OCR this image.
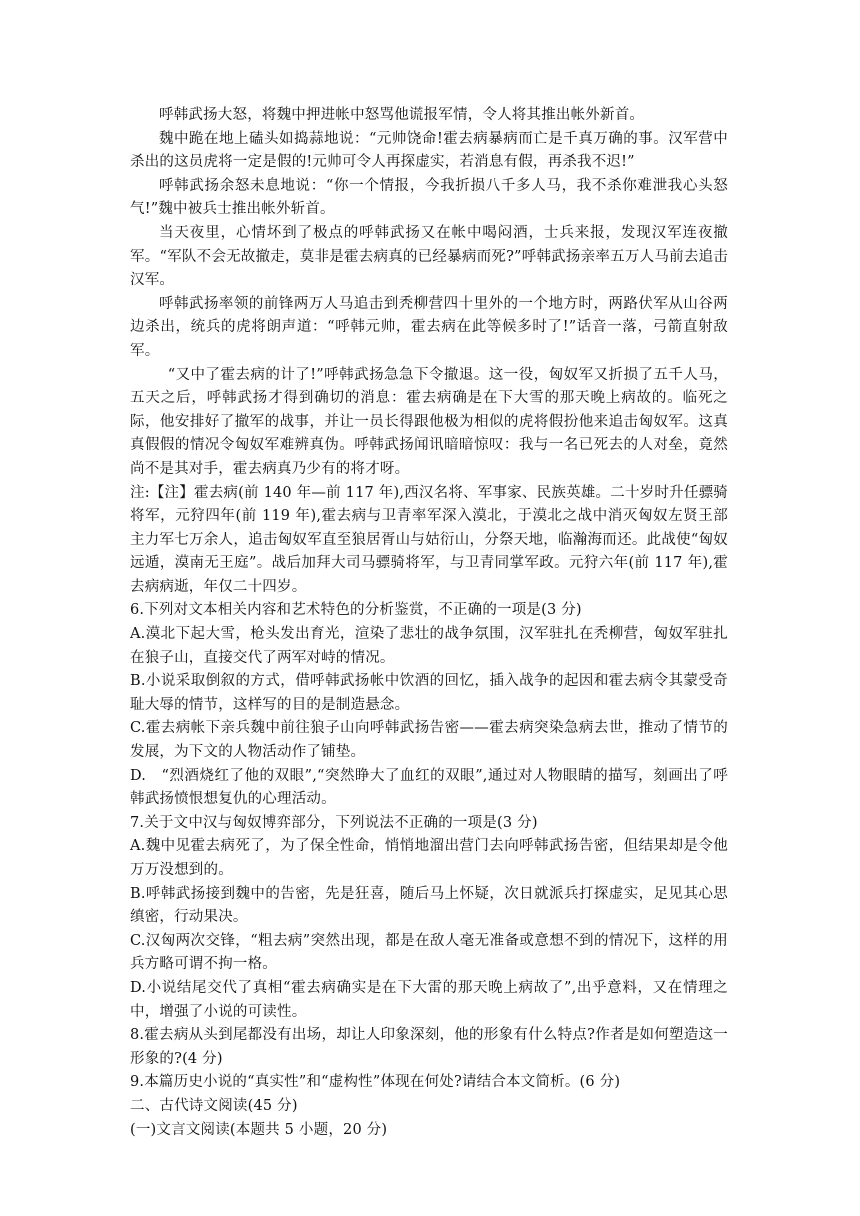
呼韩武扬大怒，将魏中押进帐中怒骂他谎报军情，令人将其推出帐外新首。

魏中跪在地上磕头如捣蒜地说：“元帅饶命!霍去病暴病而亡是千真万确的事。汉军营中杀出的这员虎将一定是假的!元帅可令人再探虚实，若消息有假，再杀我不迟!”

呼韩武扬余怒未息地说：“你一个情报，今我折损八千多人马，我不杀你难泄我心头怒气!”魏中被兵士推出帐外斩首。

当天夜里，心情坏到了极点的呼韩武扬又在帐中喝闷酒，士兵来报，发现汉军连夜撤军。“军队不会无故撤走，莫非是霍去病真的已经暴病而死?”呼韩武扬亲率五万人马前去追击汉军。

呼韩武扬率领的前锋两万人马追击到秃柳营四十里外的一个地方时，两路伏军从山谷两边杀出，统兵的虎将朗声道：“呼韩元帅，霍去病在此等候多时了!”话音一落，弓箭直射敌军。

“又中了霍去病的计了!”呼韩武扬急急下令撤退。这一役，匈奴军又折损了五千人马，五天之后，呼韩武扬才得到确切的消息：霍去病确是在下大雪的那天晚上病故的。临死之际，他安排好了撤军的战事，并让一员长得跟他极为相似的虎将假扮他来追击匈奴军。这真真假假的情况令匈奴军难辨真伪。呼韩武扬闻讯暗暗惊叹：我与一名已死去的人对垒，竟然尚不是其对手，霍去病真乃少有的将才呀。

注:【注】霍去病(前 140 年—前 117 年),西汉名将、军事家、民族英雄。二十岁时升任骠骑将军，元狩四年(前 119 年),霍去病与卫青率军深入漠北，于漠北之战中消灭匈奴左贤王部主力军七万余人，追击匈奴军直至狼居胥山与姑衍山，分祭天地，临瀚海而还。此战使“匈奴远遁，漠南无王庭”。战后加拜大司马骠骑将军，与卫青同掌军政。元狩六年(前 117 年),霍去病病逝，年仅二十四岁。

6.下列对文本相关内容和艺术特色的分析鉴赏，不正确的一项是(3 分)

A.漠北下起大雪，枪头发出育光，渲染了悲壮的战争氛围，汉军驻扎在秃柳营，匈奴军驻扎在狼子山，直接交代了两军对峙的情况。

B.小说采取倒叙的方式，借呼韩武扬帐中饮酒的回忆，插入战争的起因和霍去病令其蒙受奇耻大辱的情节，这样写的目的是制造悬念。

C.霍去病帐下亲兵魏中前往狼子山向呼韩武扬告密——霍去病突染急病去世，推动了情节的发展，为下文的人物活动作了铺垫。

D.　“烈酒烧红了他的双眼”,“突然睁大了血红的双眼”,通过对人物眼睛的描写，刻画出了呼韩武扬愤恨想复仇的心理活动。

7.关于文中汉与匈奴博弈部分，下列说法不正确的一项是(3 分)

A.魏中见霍去病死了，为了保全性命，悄悄地溜出营门去向呼韩武扬告密，但结果却是令他万万没想到的。

B.呼韩武扬接到魏中的告密，先是狂喜，随后马上怀疑，次日就派兵打探虚实，足见其心思缜密，行动果决。

C.汉匈两次交锋，“粗去病”突然出现，都是在敌人毫无准备或意想不到的情况下，这样的用兵方略可谓不拘一格。

D.小说结尾交代了真相“霍去病确实是在下大雷的那天晚上病故了”,出乎意料，又在情理之中，增强了小说的可读性。

8.霍去病从头到尾都没有出场，却让人印象深刻，他的形象有什么特点?作者是如何塑造这一形象的?(4 分)

9.本篇历史小说的“真实性”和“虚构性”体现在何处?请结合本文简析。(6 分)

二、古代诗文阅读(45 分)

(一)文言文阅读(本题共 5 小题，20 分)
